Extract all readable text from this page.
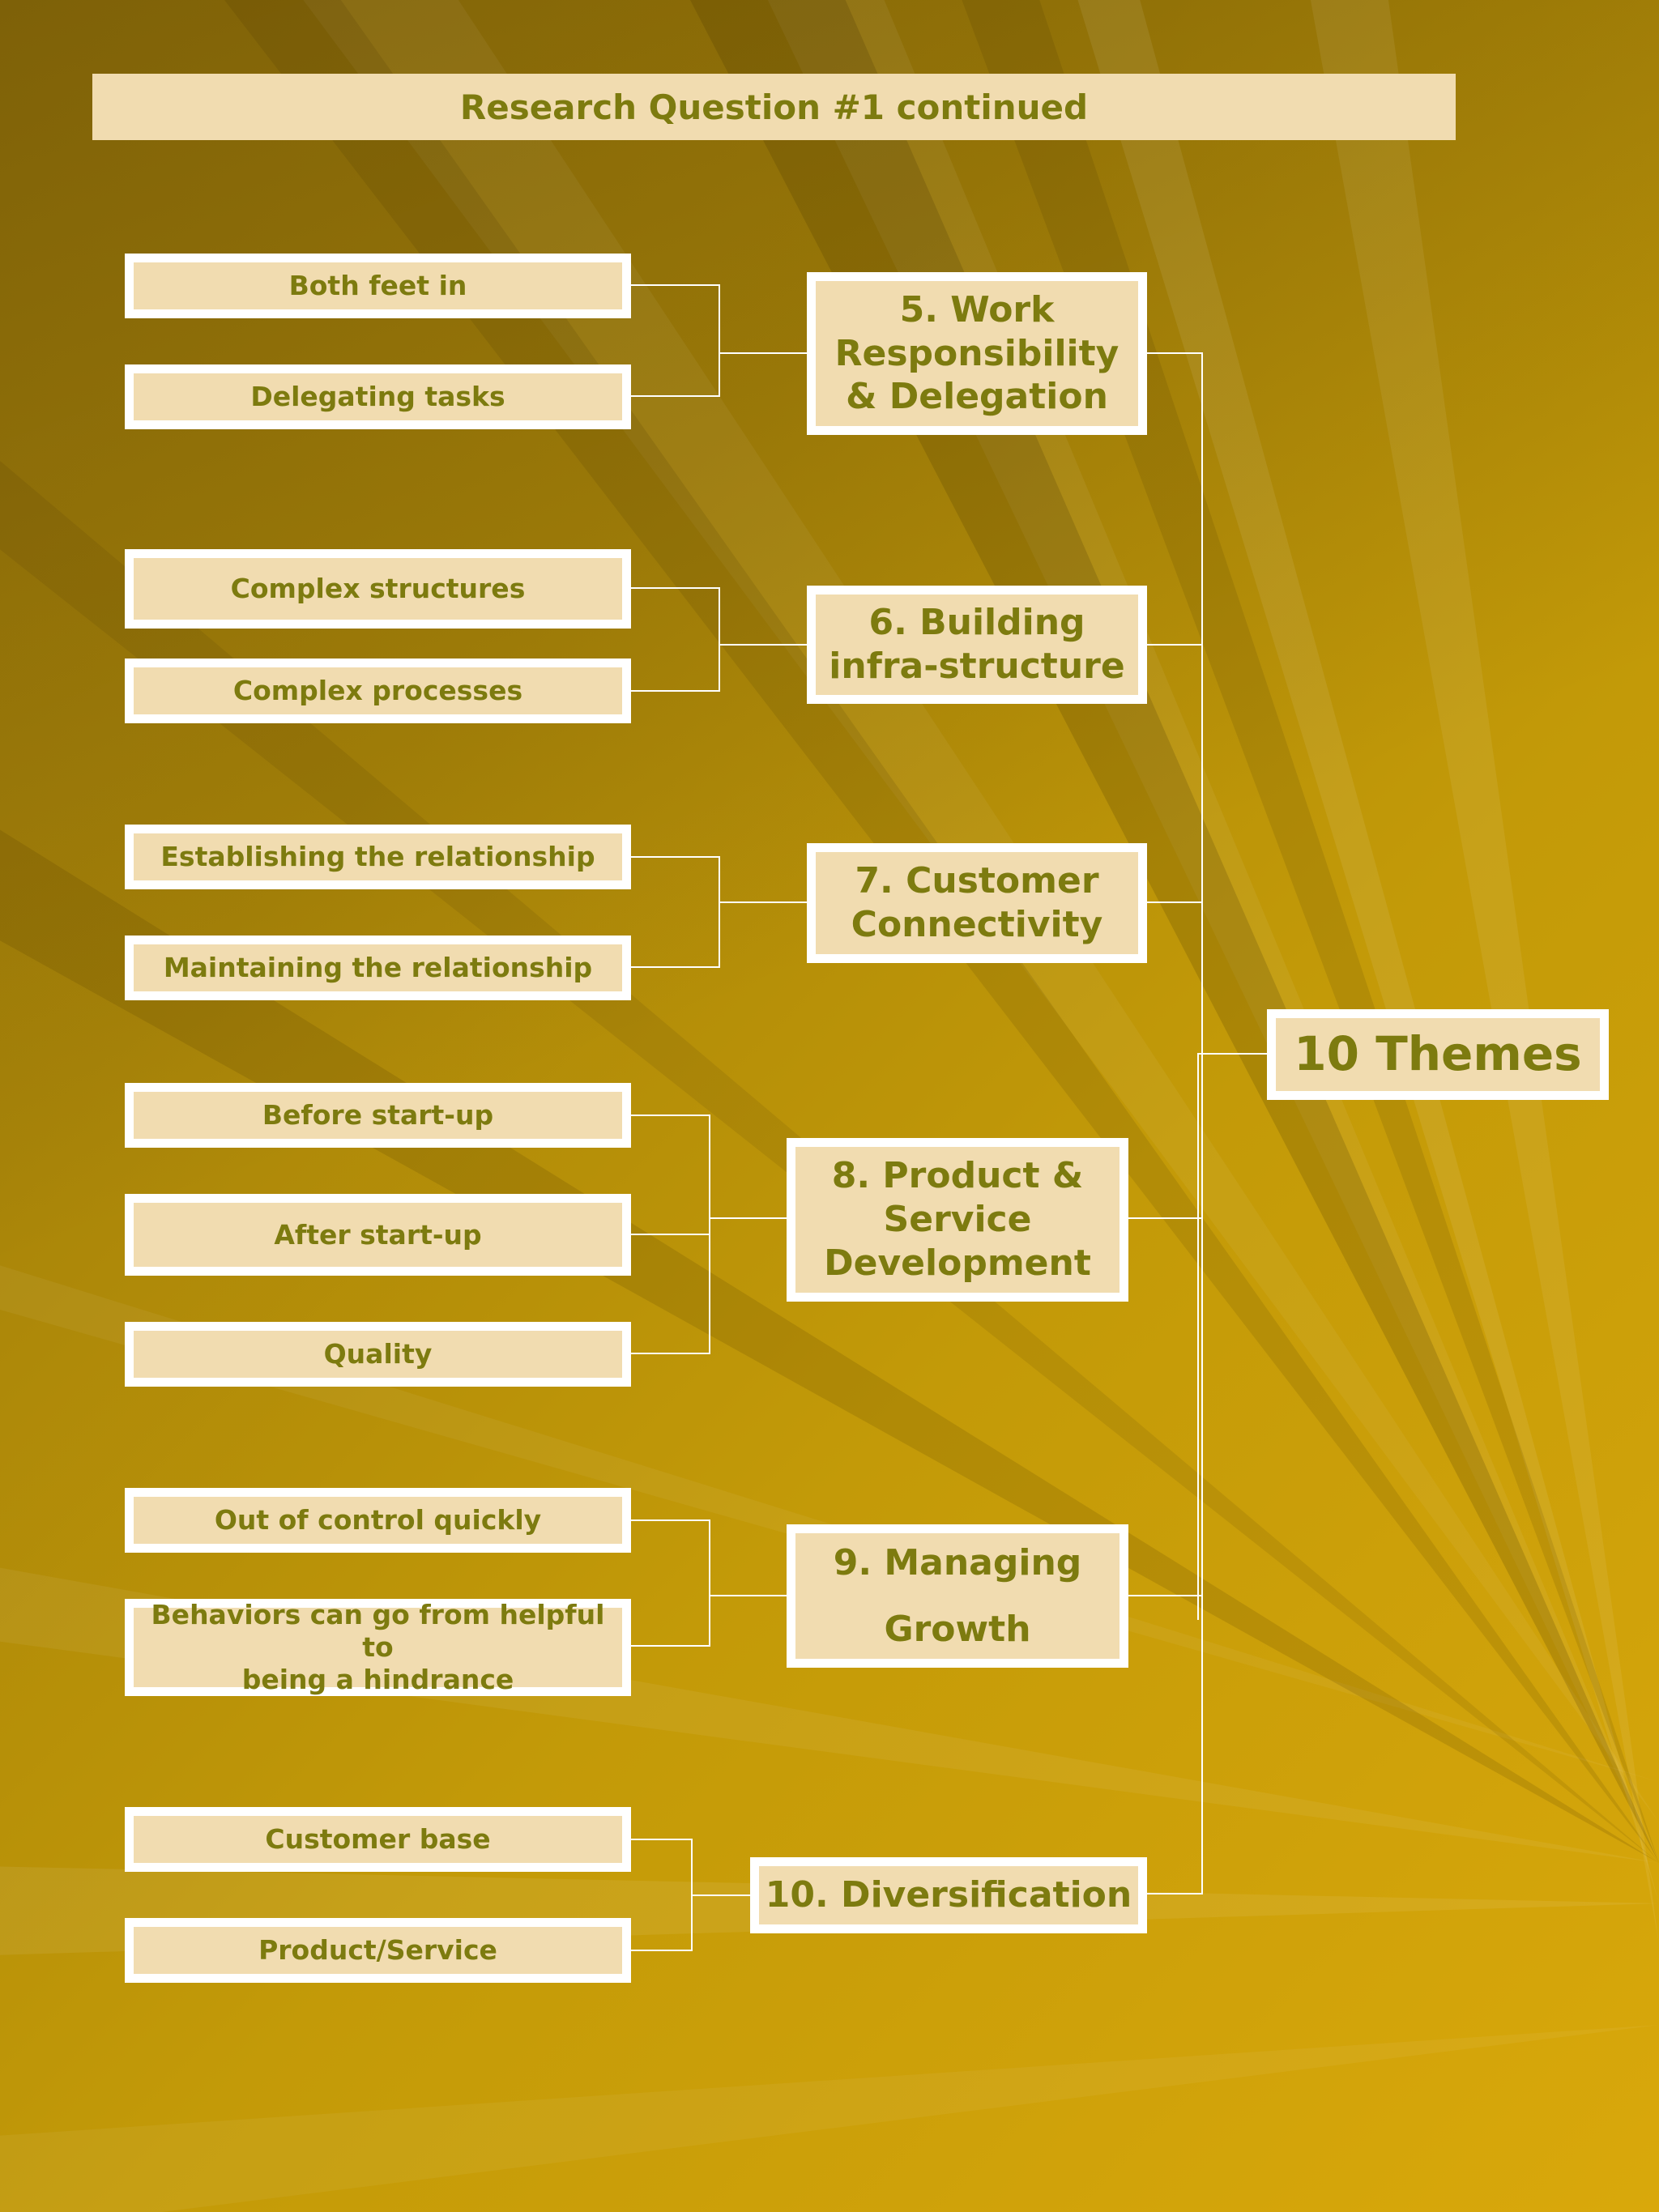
Research Question #1 continued
Both feet in
Delegating tasks
5. Work
Responsibility
& Delegation
Complex structures
Complex processes
6. Building
infra-structure
Establishing the relationship
Maintaining the relationship
7. Customer
Connectivity
Before start-up
After start-up
Quality
8. Product &
Service
Development
Out of control quickly
Behaviors can go from helpful to
being a hindrance
9. Managing
Growth
Customer base
Product/Service
10. Diversification
10 Themes
